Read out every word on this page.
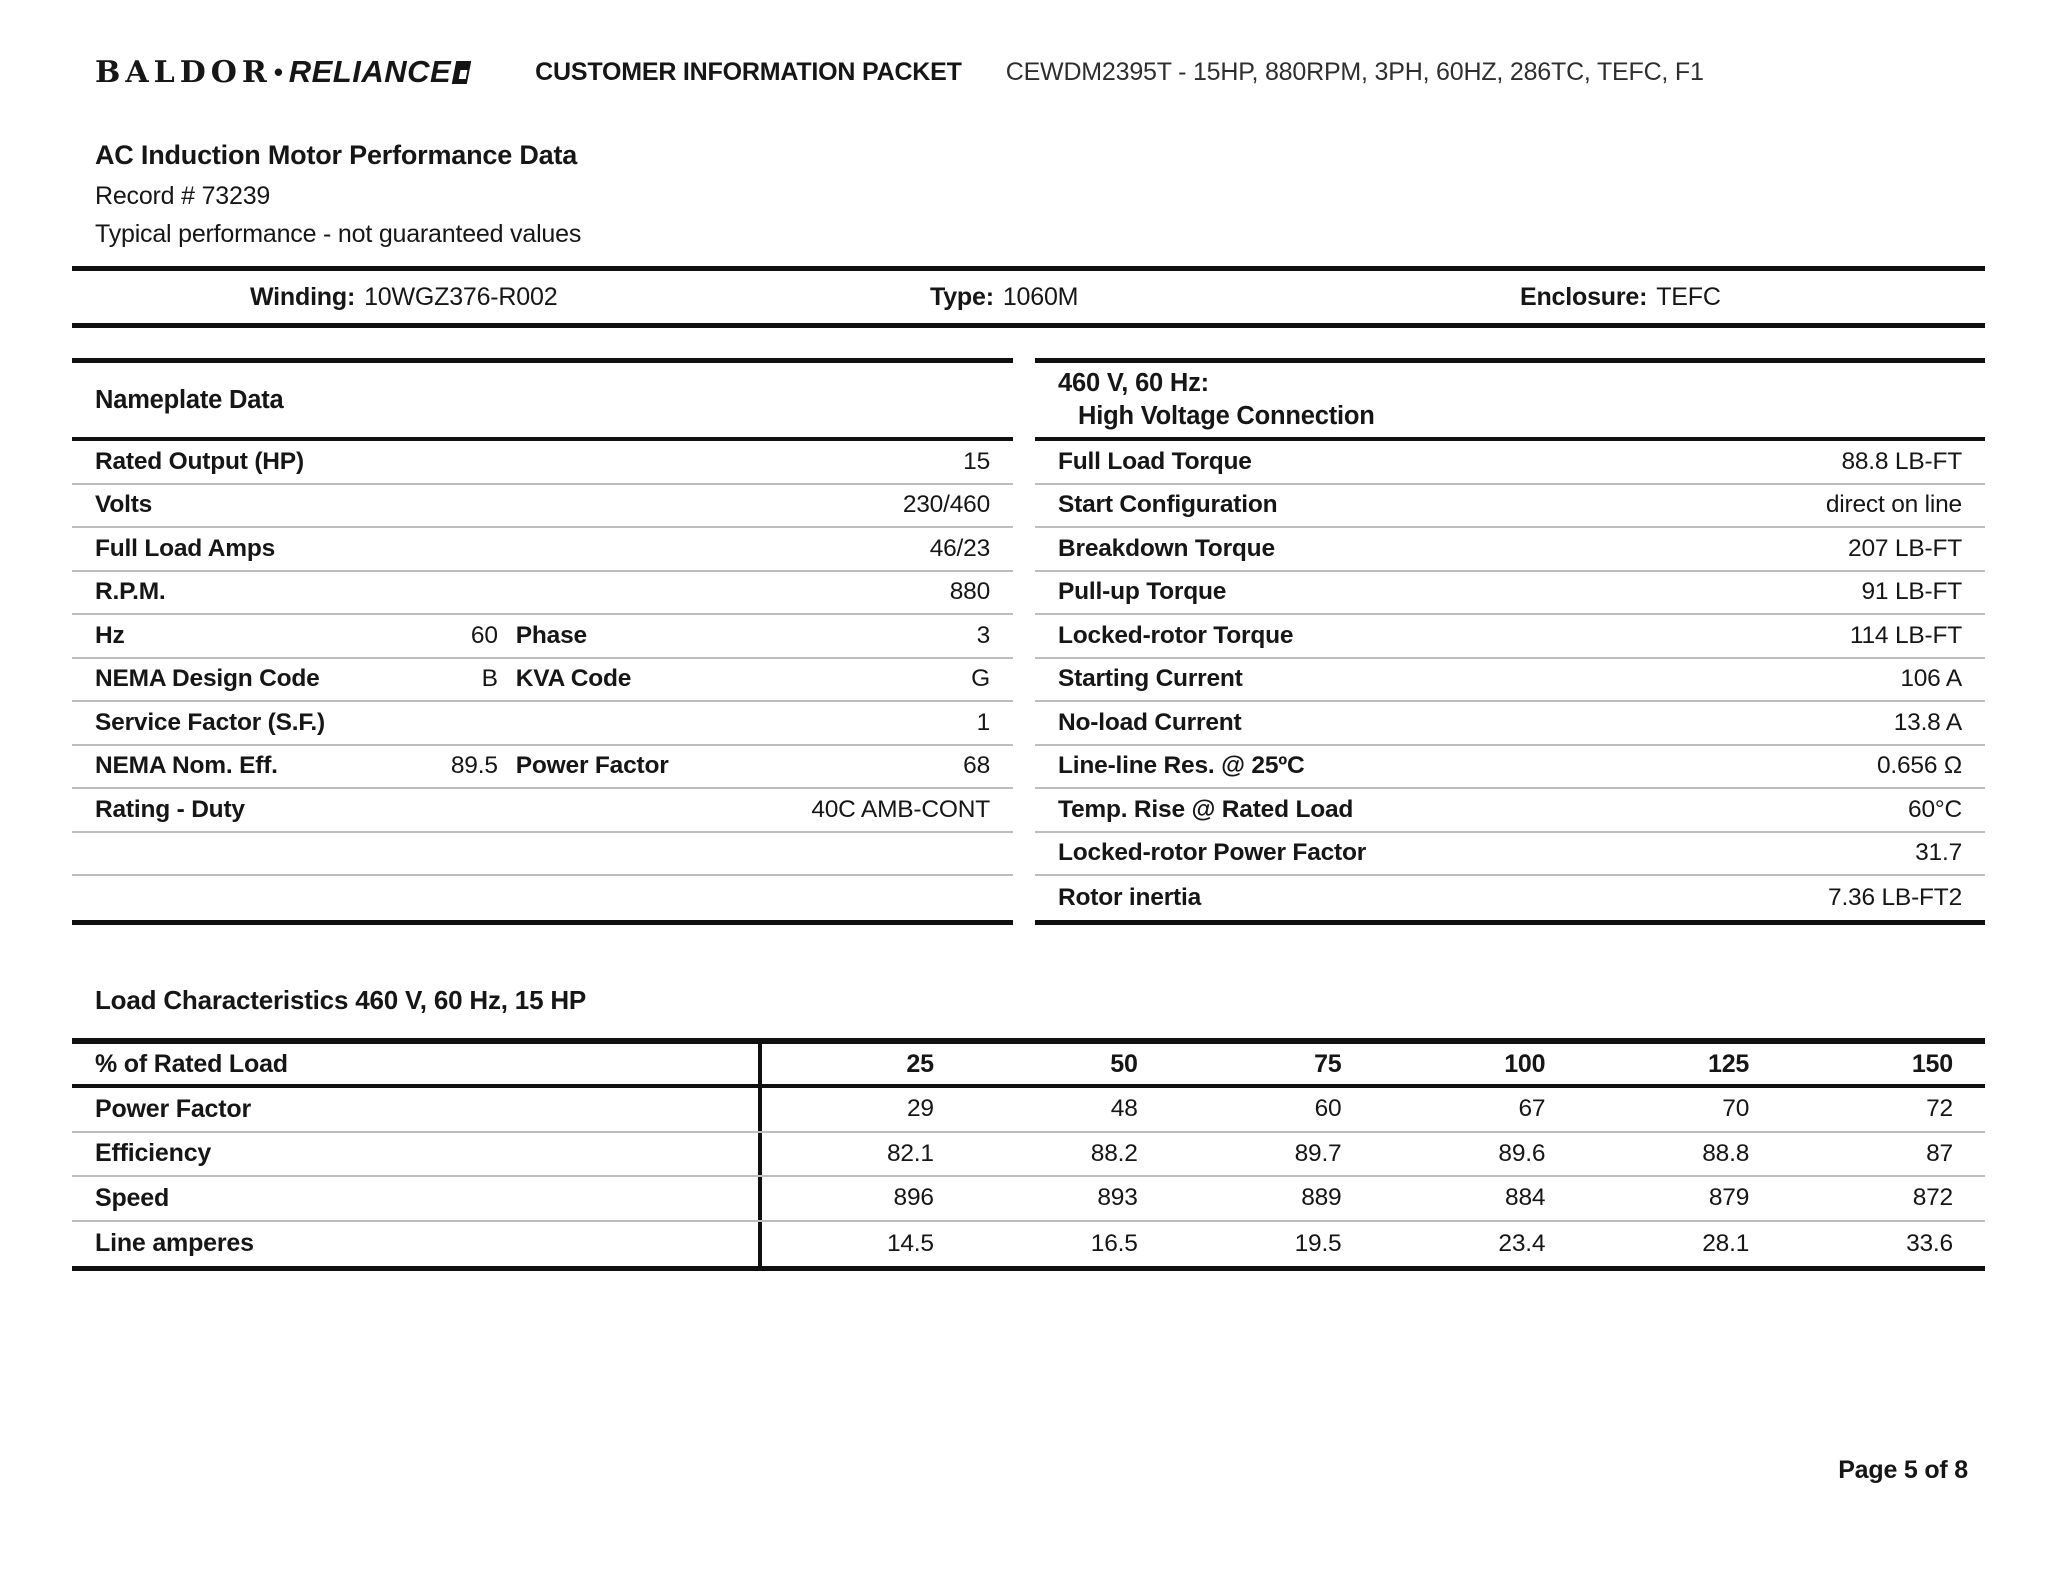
BALDOR • RELIANCE	CUSTOMER INFORMATION PACKET CEWDM2395T - 15HP, 880RPM, 3PH, 60HZ, 286TC, TEFC, F1
AC Induction Motor Performance Data
Record # 73239
Typical performance - not guaranteed values
Winding: 10WGZ376-R002	Type: 1060M	Enclosure: TEFC
Nameplate Data
Rated Output (HP)	15
Volts	230/460
Full Load Amps	46/23
R.P.M.	880
Hz	60 Phase	3
NEMA Design Code	B KVA Code	G
Service Factor (S.F.)	1
NEMA Nom. Eff.	89.5 Power Factor	68
Rating - Duty	40C AMB-CONT
460 V, 60 Hz:
High Voltage Connection
Full Load Torque	88.8 LB-FT
Start Configuration	direct on line
Breakdown Torque	207 LB-FT
Pull-up Torque	91 LB-FT
Locked-rotor Torque	114 LB-FT
Starting Current	106 A
No-load Current	13.8 A
Line-line Res. @ 25ºC	0.656 Ω
Temp. Rise @ Rated Load	60°C
Locked-rotor Power Factor	31.7
Rotor inertia	7.36 LB-FT2
Load Characteristics 460 V, 60 Hz, 15 HP
% of Rated Load	25	50	75	100	125	150
Power Factor	29	48	60	67	70	72
Efficiency	82.1	88.2	89.7	89.6	88.8	87
Speed	896	893	889	884	879	872
Line amperes	14.5	16.5	19.5	23.4	28.1	33.6
Page 5 of 8
